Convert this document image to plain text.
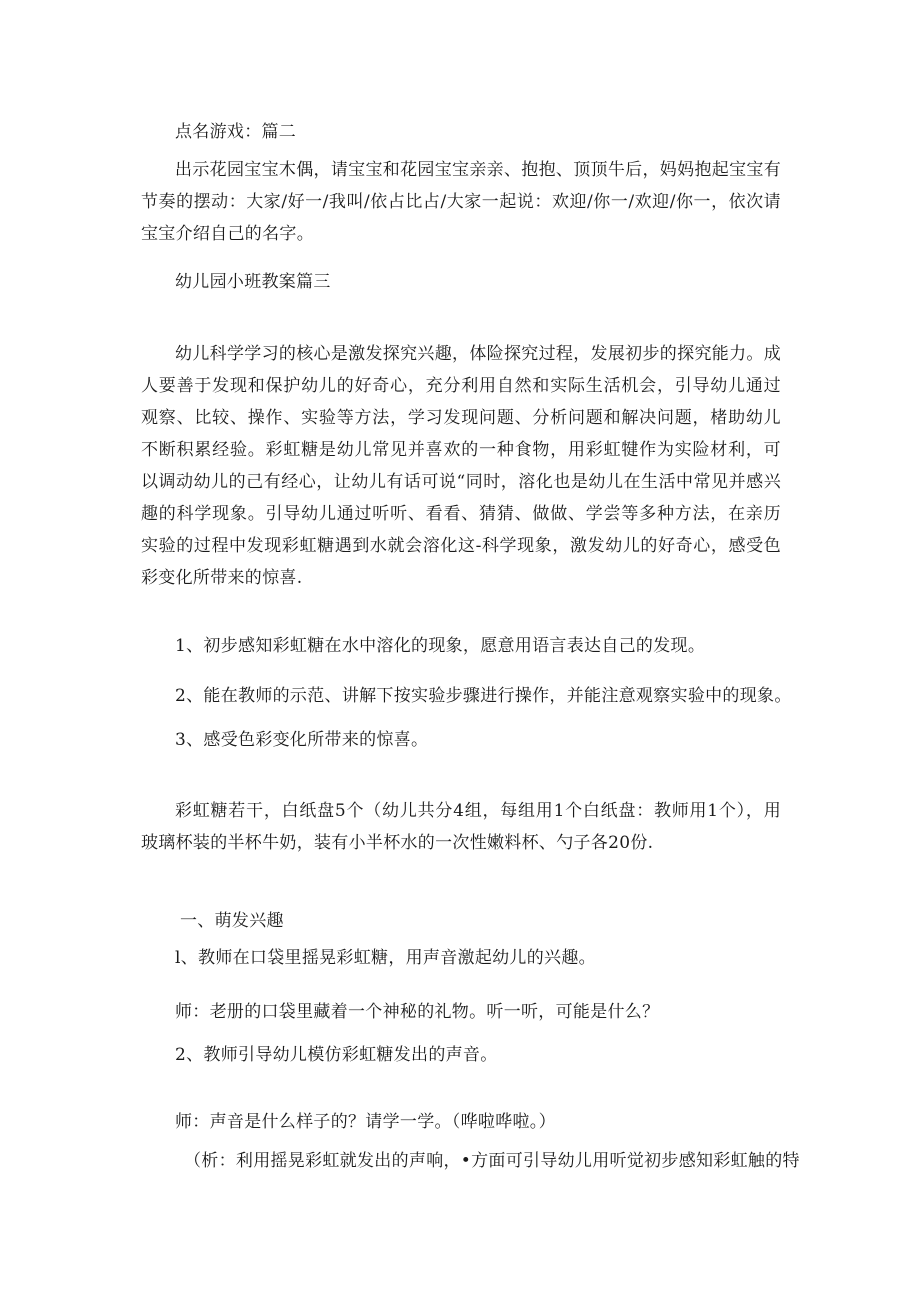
点名游戏：篇二
出示花园宝宝木偶，请宝宝和花园宝宝亲亲、抱抱、顶顶牛后，妈妈抱起宝宝有节奏的摆动：大家/好一/我叫/依占比占/大家一起说：欢迎/你一/欢迎/你一，依次请宝宝介绍自己的名字。
幼儿园小班教案篇三
幼儿科学学习的核心是激发探究兴趣，体险探究过程，发展初步的探究能力。成人要善于发现和保护幼儿的好奇心，充分利用自然和实际生活机会，引导幼儿通过观察、比较、操作、实验等方法，学习发现问题、分析问题和解决问题，楮助幼儿不断积累经验。彩虹糖是幼儿常见并喜欢的一种食物，用彩虹犍作为实险材利，可以调动幼儿的己有经心，让幼儿有话可说“同时，溶化也是幼儿在生活中常见并感兴趣的科学现象。引导幼儿通过听听、看看、猜猜、做做、学尝等多种方法，在亲历实验的过程中发现彩虹糖遇到水就会溶化这-科学现象，激发幼儿的好奇心，感受色彩变化所带来的惊喜.
1、初步感知彩虹糖在水中溶化的现象，愿意用语言表达自己的发现。
2、能在教师的示范、讲解下按实验步骤进行操作，并能注意观察实验中的现象。
3、感受色彩变化所带来的惊喜。
彩虹糖若干，白纸盘5个（幼儿共分4组，每组用1个白纸盘：教师用1个），用玻璃杯装的半杯牛奶，装有小半杯水的一次性嫩料杯、勺子各20份.
一、萌发兴趣
l、教师在口袋里摇晃彩虹糖，用声音激起幼儿的兴趣。
师：老册的口袋里藏着一个神秘的礼物。听一听，可能是什么？
2、教师引导幼儿模仿彩虹糖发出的声音。
师：声音是什么样子的？请学一学。（哗啦哗啦。）
（析：利用摇晃彩虹就发出的声响，•方面可引导幼儿用听觉初步感知彩虹触的特
